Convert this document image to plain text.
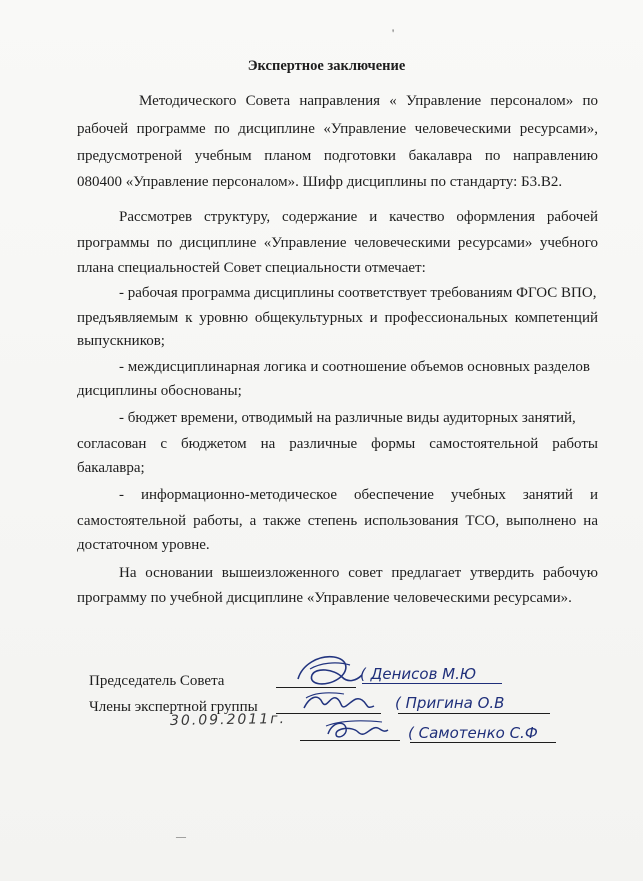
Экспертное заключение
Методического Совета направления « Управление персоналом» по
рабочей программе по дисциплине «Управление человеческими ресурсами»,
предусмотреной учебным планом подготовки бакалавра по направлению
080400 «Управление персоналом». Шифр дисциплины по стандарту: Б3.В2.
Рассмотрев структуру, содержание и качество оформления рабочей
программы по дисциплине «Управление человеческими ресурсами» учебного
плана специальностей Совет специальности отмечает:
- рабочая программа дисциплины соответствует требованиям ФГОС ВПО,
предъявляемым к уровню общекультурных и профессиональных компетенций
выпускников;
- междисциплинарная логика и соотношение объемов основных разделов
дисциплины обоснованы;
- бюджет времени, отводимый на различные виды аудиторных занятий,
согласован с бюджетом на различные формы самостоятельной работы
бакалавра;
- информационно-методическое обеспечение учебных занятий и
самостоятельной работы, а также степень использования ТСО, выполнено на
достаточном уровне.
На основании вышеизложенного совет предлагает утвердить рабочую
программу по учебной дисциплине «Управление человеческими ресурсами».
Председатель Совета
Члены экспертной группы
( Денисов М.Ю
( Пригина О.В
( Самотенко С.Ф
30.09.2011г.
'
—
